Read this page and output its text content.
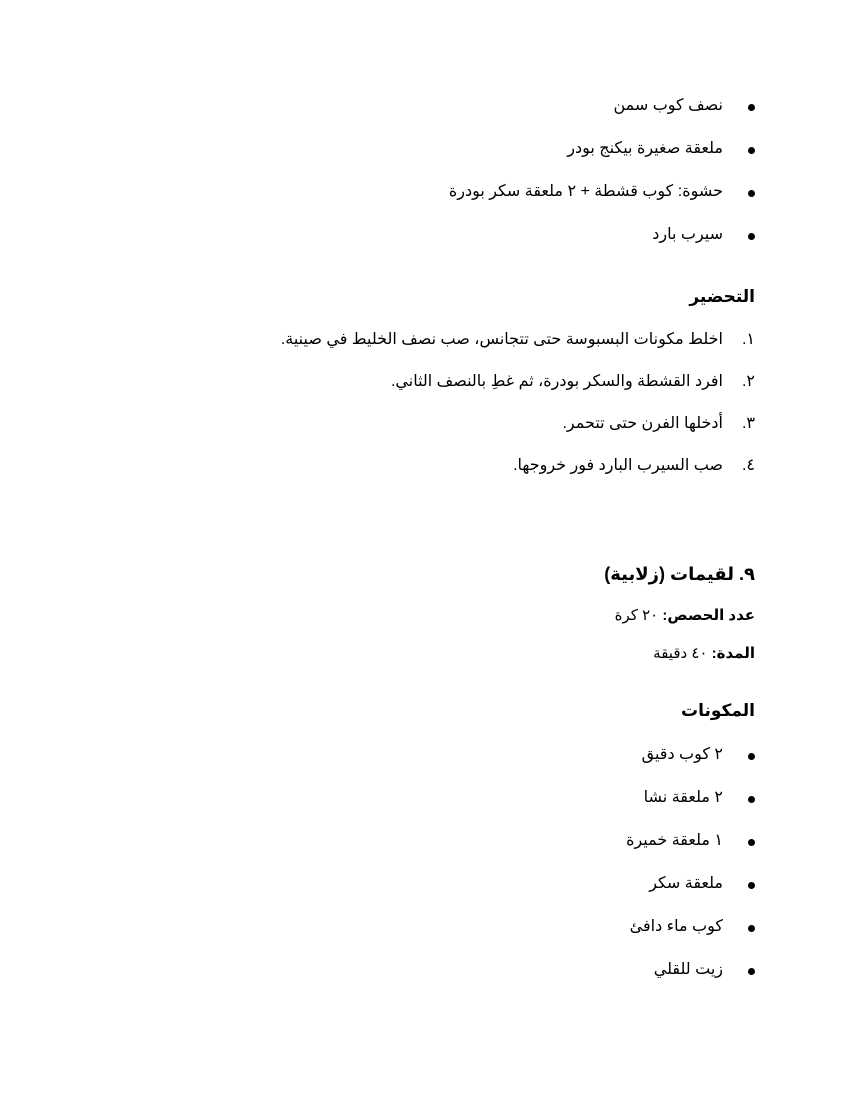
نصف كوب سمن
ملعقة صغيرة بيكنج بودر
حشوة: كوب قشطة + ٢ ملعقة سكر بودرة
سيرب بارد
التحضير
١.
اخلط مكونات البسبوسة حتى تتجانس، صب نصف الخليط في صينية.
٢.
افرد القشطة والسكر بودرة، ثم غطِ بالنصف الثاني.
٣.
أدخلها الفرن حتى تتحمر.
٤.
صب السيرب البارد فور خروجها.
٩. لقيمات (زلابية)
عدد الحصص: ٢٠ كرة
المدة: ٤٠ دقيقة
المكونات
٢ كوب دقيق
٢ ملعقة نشا
١ ملعقة خميرة
ملعقة سكر
كوب ماء دافئ
زيت للقلي
